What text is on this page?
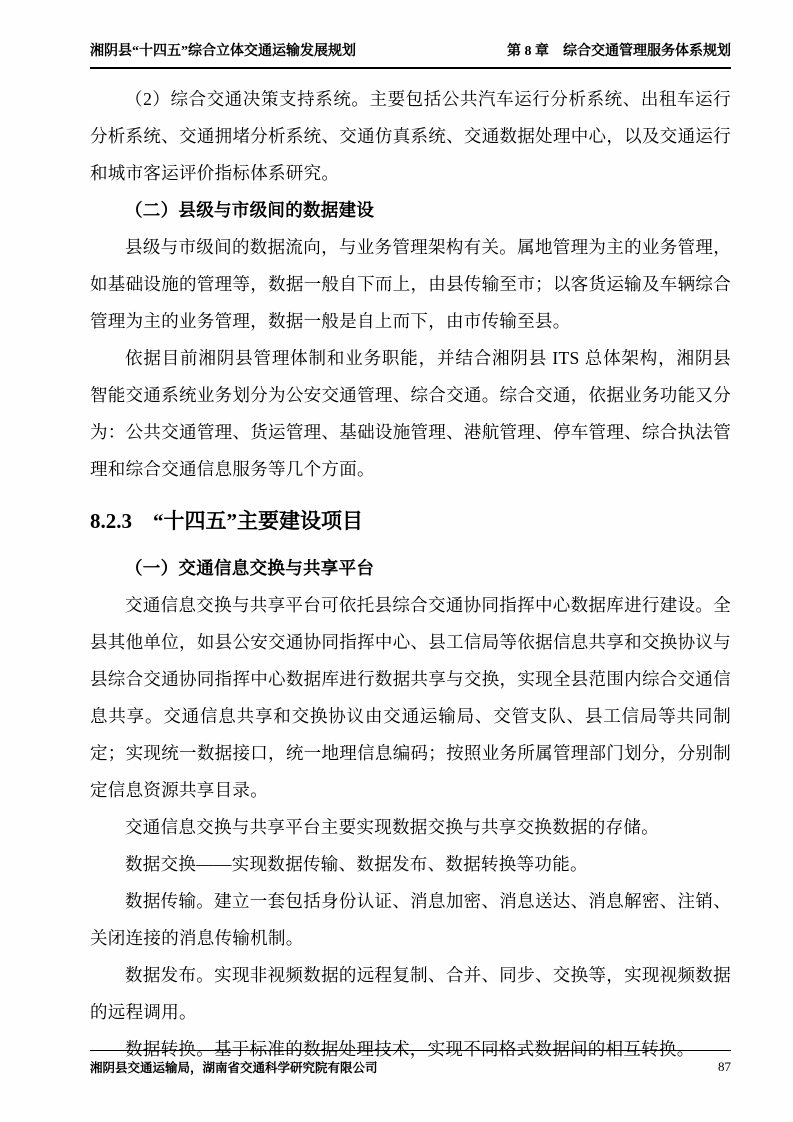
湘阴县“十四五”综合立体交通运输发展规划	第 8 章　综合交通管理服务体系规划

（2）综合交通决策支持系统。主要包括公共汽车运行分析系统、出租车运行分析系统、交通拥堵分析系统、交通仿真系统、交通数据处理中心，以及交通运行和城市客运评价指标体系研究。

（二）县级与市级间的数据建设

县级与市级间的数据流向，与业务管理架构有关。属地管理为主的业务管理，如基础设施的管理等，数据一般自下而上，由县传输至市；以客货运输及车辆综合管理为主的业务管理，数据一般是自上而下，由市传输至县。

依据目前湘阴县管理体制和业务职能，并结合湘阴县 ITS 总体架构，湘阴县智能交通系统业务划分为公安交通管理、综合交通。综合交通，依据业务功能又分为：公共交通管理、货运管理、基础设施管理、港航管理、停车管理、综合执法管理和综合交通信息服务等几个方面。

8.2.3　“十四五”主要建设项目

（一）交通信息交换与共享平台

交通信息交换与共享平台可依托县综合交通协同指挥中心数据库进行建设。全县其他单位，如县公安交通协同指挥中心、县工信局等依据信息共享和交换协议与县综合交通协同指挥中心数据库进行数据共享与交换，实现全县范围内综合交通信息共享。交通信息共享和交换协议由交通运输局、交管支队、县工信局等共同制定；实现统一数据接口，统一地理信息编码；按照业务所属管理部门划分，分别制定信息资源共享目录。

交通信息交换与共享平台主要实现数据交换与共享交换数据的存储。

数据交换——实现数据传输、数据发布、数据转换等功能。

数据传输。建立一套包括身份认证、消息加密、消息送达、消息解密、注销、关闭连接的消息传输机制。

数据发布。实现非视频数据的远程复制、合并、同步、交换等，实现视频数据的远程调用。

数据转换。基于标准的数据处理技术，实现不同格式数据间的相互转换。

湘阴县交通运输局，湖南省交通科学研究院有限公司	87
